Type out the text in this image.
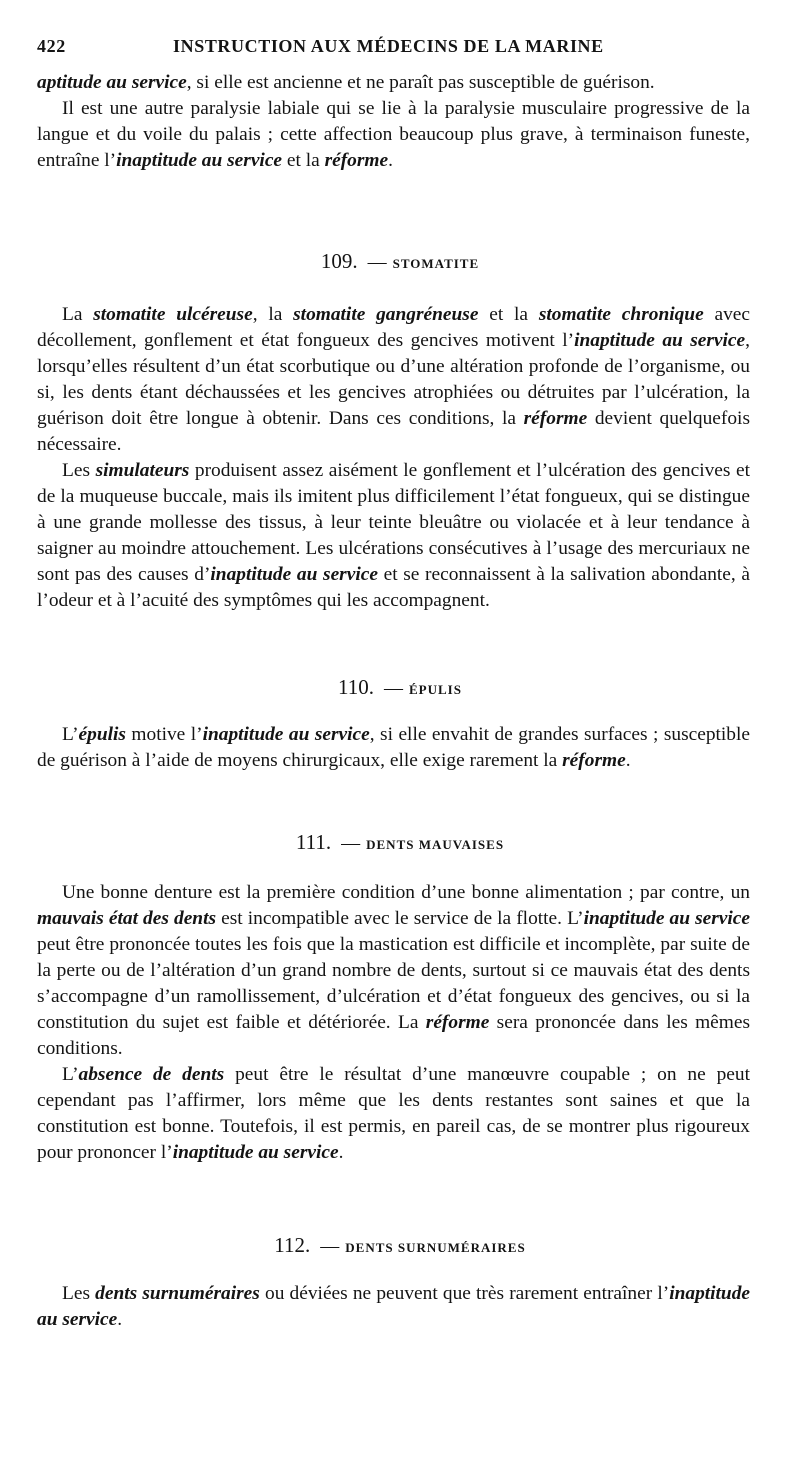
422	INSTRUCTION AUX MÉDECINS DE LA MARINE

aptitude au service, si elle est ancienne et ne paraît pas susceptible de guérison.

Il est une autre paralysie labiale qui se lie à la paralysie musculaire progressive de la langue et du voile du palais ; cette affection beaucoup plus grave, à terminaison funeste, entraîne l’inaptitude au service et la réforme.

109. — STOMATITE

La stomatite ulcéreuse, la stomatite gangréneuse et la stomatite chronique avec décollement, gonflement et état fongueux des gencives motivent l’inaptitude au service, lorsqu’elles résultent d’un état scorbutique ou d’une altération profonde de l’organisme, ou si, les dents étant déchaussées et les gencives atrophiées ou détruites par l’ulcération, la guérison doit être longue à obtenir. Dans ces conditions, la réforme devient quelquefois nécessaire.

Les simulateurs produisent assez aisément le gonflement et l’ulcération des gencives et de la muqueuse buccale, mais ils imitent plus difficilement l’état fongueux, qui se distingue à une grande mollesse des tissus, à leur teinte bleuâtre ou violacée et à leur tendance à saigner au moindre attouchement. Les ulcérations consécutives à l’usage des mercuriaux ne sont pas des causes d’inaptitude au service et se reconnaissent à la salivation abondante, à l’odeur et à l’acuité des symptômes qui les accompagnent.

110. — ÉPULIS

L’épulis motive l’inaptitude au service, si elle envahit de grandes surfaces ; susceptible de guérison à l’aide de moyens chirurgicaux, elle exige rarement la réforme.

111. — DENTS MAUVAISES

Une bonne denture est la première condition d’une bonne alimentation ; par contre, un mauvais état des dents est incompatible avec le service de la flotte. L’inaptitude au service peut être prononcée toutes les fois que la mastication est difficile et incomplète, par suite de la perte ou de l’altération d’un grand nombre de dents, surtout si ce mauvais état des dents s’accompagne d’un ramollissement, d’ulcération et d’état fongueux des gencives, ou si la constitution du sujet est faible et détériorée. La réforme sera prononcée dans les mêmes conditions.

L’absence de dents peut être le résultat d’une manœuvre coupable ; on ne peut cependant pas l’affirmer, lors même que les dents restantes sont saines et que la constitution est bonne. Toutefois, il est permis, en pareil cas, de se montrer plus rigoureux pour prononcer l’inaptitude au service.

112. — DENTS SURNUMÉRAIRES

Les dents surnuméraires ou déviées ne peuvent que très rarement entraîner l’inaptitude au service.
